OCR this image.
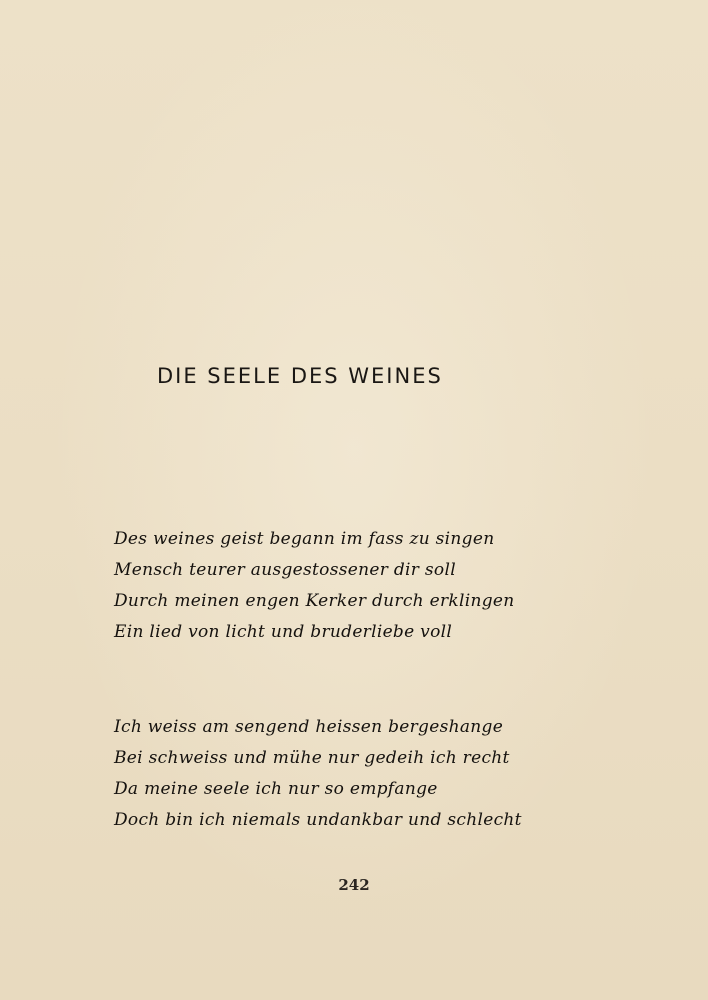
DIE SEELE DES WEINES
Des weines geist begann im fass zu singen
Mensch teurer ausgestossener dir soll
Durch meinen engen Kerker durch erklingen
Ein lied von licht und bruderliebe voll
Ich weiss am sengend heissen bergeshange
Bei schweiss und mühe nur gedeih ich recht
Da meine seele ich nur so empfange
Doch bin ich niemals undankbar und schlecht
242
